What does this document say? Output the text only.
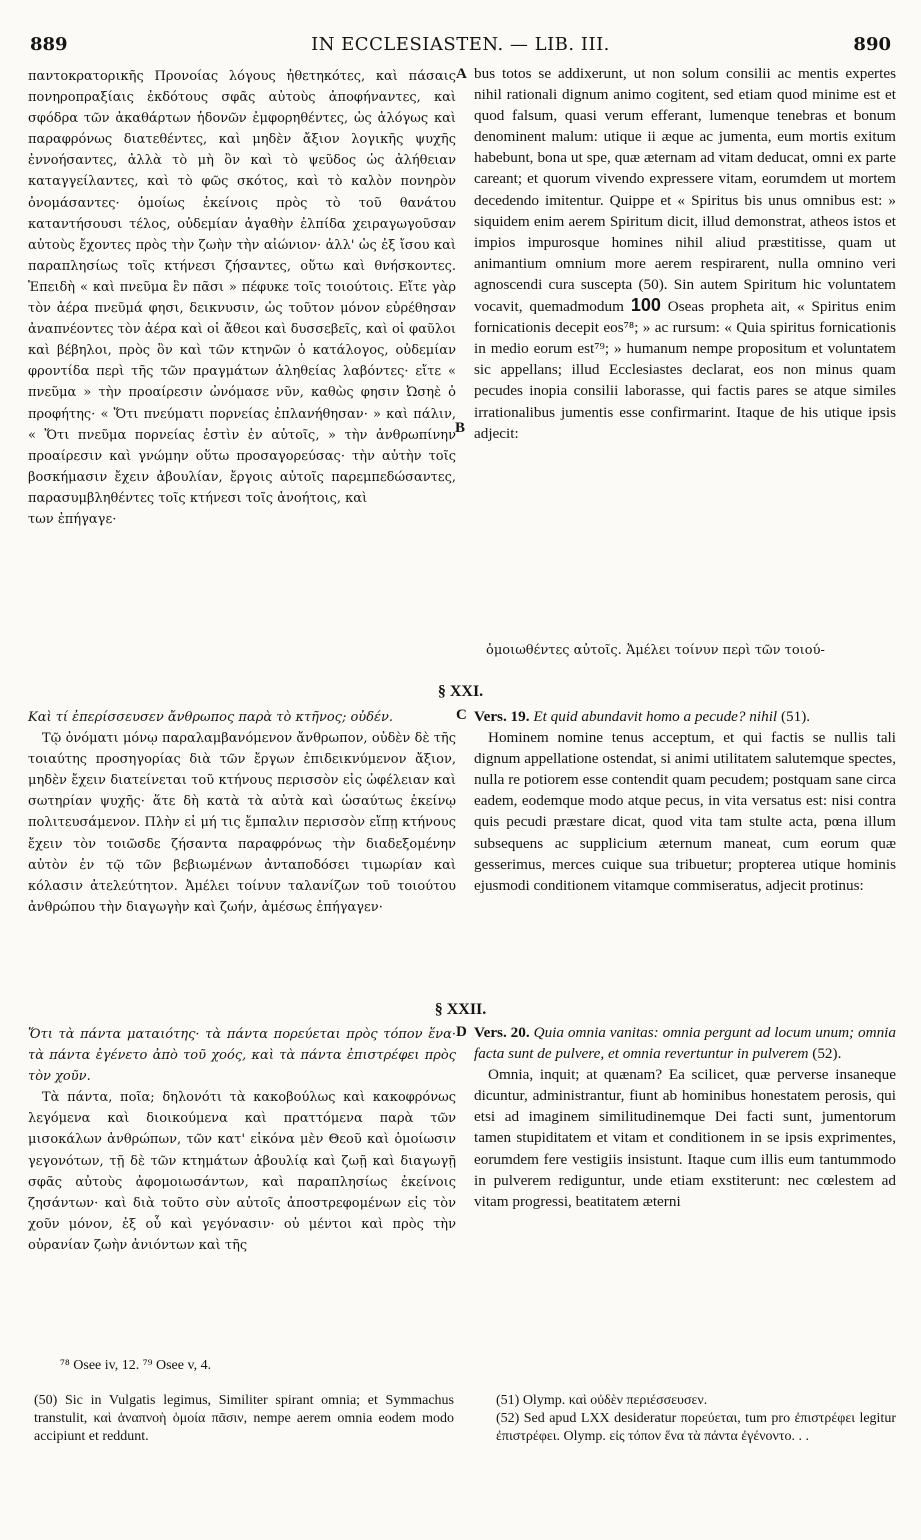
889	IN ECCLESIASTEN. — LIB. III.	890

παντοκρατορικῆς Προνοίας λόγους ἠθετηκότες, καὶ πάσαις πονηροπραξίαις ἐκδότους σφᾶς αὐτοὺς ἀποφήναντες, καὶ σφόδρα τῶν ἀκαθάρτων ἡδονῶν ἐμφορηθέντες, ὡς ἀλόγως καὶ παραφρόνως διατεθέντες, καὶ μηδὲν ἄξιον λογικῆς ψυχῆς ἐννοήσαντες, ἀλλὰ τὸ μὴ ὂν καὶ τὸ ψεῦδος ὡς ἀλήθειαν καταγγείλαντες, καὶ τὸ φῶς σκότος, καὶ τὸ καλὸν πονηρὸν ὀνομάσαντες· ὁμοίως ἐκείνοις πρὸς τὸ τοῦ θανάτου καταντήσουσι τέλος, οὐδεμίαν ἀγαθὴν ἐλπίδα χειραγωγοῦσαν αὐτοὺς ἔχοντες πρὸς τὴν ζωὴν τὴν αἰώνιον· ἀλλ' ὡς ἐξ ἴσου καὶ παραπλησίως τοῖς κτήνεσι ζήσαντες, οὕτω καὶ θνήσκοντες. Ἐπειδὴ « καὶ πνεῦμα ἓν πᾶσι » πέφυκε τοῖς τοιούτοις. Εἴτε γὰρ τὸν ἀέρα πνεῦμά φησι, δεικνυσιν, ὡς τοῦτον μόνον εὑρέθησαν ἀναπνέοντες τὸν ἀέρα καὶ οἱ ἄθεοι καὶ δυσσεβεῖς, καὶ οἱ φαῦλοι καὶ βέβηλοι, πρὸς ὃν καὶ τῶν κτηνῶν ὁ κατάλογος, οὐδεμίαν φροντίδα περὶ τῆς τῶν πραγμάτων ἀληθείας λαβόντες· εἴτε « πνεῦμα » τὴν προαίρεσιν ὠνόμασε νῦν, καθὼς φησιν Ὠσηὲ ὁ προφήτης· « Ὅτι πνεύματι πορνείας ἐπλανήθησαν· » καὶ πάλιν, « Ὅτι πνεῦμα πορνείας ἐστὶν ἐν αὐτοῖς, » τὴν ἀνθρωπίνην προαίρεσιν καὶ γνώμην οὕτω προσαγορεύσας· τὴν αὐτὴν τοῖς βοσκήμασιν ἔχειν ἀβουλίαν, ἔργοις αὐτοῖς παρεμπεδώσαντες, παρασυμβληθέντες τοῖς κτήνεσι τοῖς ἀνοήτοις, καὶ

των ἐπήγαγε·

bus totos se addixerunt, ut non solum consilii ac mentis expertes nihil rationali dignum animo cogitent, sed etiam quod minime est et quod falsum, quasi verum efferant, lumenque tenebras et bonum denominent malum: utique ii æque ac jumenta, eum mortis exitum habebunt, bona ut spe, quæ æternam ad vitam deducat, omni ex parte careant; et quorum vivendo expressere vitam, eorumdem ut mortem decedendo imitentur. Quippe et « Spiritus bis unus omnibus est: » siquidem enim aerem Spiritum dicit, illud demonstrat, atheos istos et impios impurosque homines nihil aliud præstitisse, quam ut animantium omnium more aerem respirarent, nulla omnino veri agnoscendi cura suscepta (50). Sin autem Spiritum hic voluntatem vocavit, quemadmodum 100 Oseas propheta ait, « Spiritus enim fornicationis decepit eos⁷⁸; » ac rursum: « Quia spiritus fornicationis in medio eorum est⁷⁹; » humanum nempe propositum et voluntatem sic appellans; illud Ecclesiastes declarat, eos non minus quam pecudes inopia consilii laborasse, qui factis pares se atque similes irrationalibus jumentis esse confirmarint. Itaque de his utique ipsis adjecit:

ὁμοιωθέντες αὐτοῖς. Ἀμέλει τοίνυν περὶ τῶν τοιού-
A
B
§ XXI.

Καὶ τί ἐπερίσσευσεν ἄνθρωπος παρὰ τὸ κτῆνος; οὐδέν.

Τῷ ὀνόματι μόνῳ παραλαμβανόμενον ἄνθρωπον, οὐδὲν δὲ τῆς τοιαύτης προσηγορίας διὰ τῶν ἔργων ἐπιδεικνύμενον ἄξιον, μηδὲν ἔχειν διατείνεται τοῦ κτήνους περισσὸν εἰς ὠφέλειαν καὶ σωτηρίαν ψυχῆς· ἅτε δὴ κατὰ τὰ αὐτὰ καὶ ὡσαύτως ἐκείνῳ πολιτευσάμενον. Πλὴν εἰ μή τις ἔμπαλιν περισσὸν εἴπῃ κτήνους ἔχειν τὸν τοιῶσδε ζήσαντα παραφρόνως τὴν διαδεξομένην αὐτὸν ἐν τῷ τῶν βεβιωμένων ἀνταποδόσει τιμωρίαν καὶ κόλασιν ἀτελεύτητον. Ἀμέλει τοίνυν ταλανίζων τοῦ τοιούτου ἀνθρώπου τὴν διαγωγὴν καὶ ζωήν, ἀμέσως ἐπήγαγεν·

C Vers. 19. Et quid abundavit homo a pecude? nihil (51).

Hominem nomine tenus acceptum, et qui factis se nullis tali dignum appellatione ostendat, si animi utilitatem salutemque spectes, nulla re potiorem esse contendit quam pecudem; postquam sane circa eadem, eodemque modo atque pecus, in vita versatus est: nisi contra quis pecudi præstare dicat, quod vita tam stulte acta, pœna illum subsequens ac supplicium æternum maneat, cum eorum quæ gesserimus, merces cuique sua tribuetur; propterea utique hominis ejusmodi conditionem vitamque commiseratus, adjecit protinus:

§ XXII.

Ὅτι τὰ πάντα ματαιότης· τὰ πάντα πορεύεται πρὸς τόπον ἕνα· τὰ πάντα ἐγένετο ἀπὸ τοῦ χοός, καὶ τὰ πάντα ἐπιστρέφει πρὸς τὸν χοῦν.

Τὰ πάντα, ποῖα; δηλονότι τὰ κακοβούλως καὶ κακοφρόνως λεγόμενα καὶ διοικούμενα καὶ πραττόμενα παρὰ τῶν μισοκάλων ἀνθρώπων, τῶν κατ' εἰκόνα μὲν Θεοῦ καὶ ὁμοίωσιν γεγονότων, τῇ δὲ τῶν κτημάτων ἀβουλίᾳ καὶ ζωῇ καὶ διαγωγῇ σφᾶς αὐτοὺς ἀφομοιωσάντων, καὶ παραπλησίως ἐκείνοις ζησάντων· καὶ διὰ τοῦτο σὺν αὐτοῖς ἀποστρεφομένων εἰς τὸν χοῦν μόνον, ἐξ οὗ καὶ γεγόνασιν· οὐ μέντοι καὶ πρὸς τὴν οὐρανίαν ζωὴν ἀνιόντων καὶ τῆς

D Vers. 20. Quia omnia vanitas: omnia pergunt ad locum unum; omnia facta sunt de pulvere, et omnia revertuntur in pulverem (52).

Omnia, inquit; at quænam? Ea scilicet, quæ perverse insaneque dicuntur, administrantur, fiunt ab hominibus honestatem perosis, qui etsi ad imaginem similitudinemque Dei facti sunt, jumentorum tamen stupiditatem et vitam et conditionem in se ipsis exprimentes, eorumdem fere vestigiis insistunt. Itaque cum illis eum tantummodo in pulverem rediguntur, unde etiam exstiterunt: nec cœlestem ad vitam progressi, beatitatem æterni

⁷⁸ Osee iv, 12. ⁷⁹ Osee v, 4.
(50) Sic in Vulgatis legimus, Similiter spirant omnia; et Symmachus transtulit, καὶ ἀναπνοὴ ὁμοία πᾶσιν, nempe aerem omnia eodem modo accipiunt et reddunt.
(51) Olymp. καὶ οὐδὲν περιέσσευσεν.
(52) Sed apud LXX desideratur πορεύεται, tum pro ἐπιστρέφει legitur ἐπιστρέφει. Olymp. εἰς τόπον ἕνα τὰ πάντα ἐγένοντο. . .
